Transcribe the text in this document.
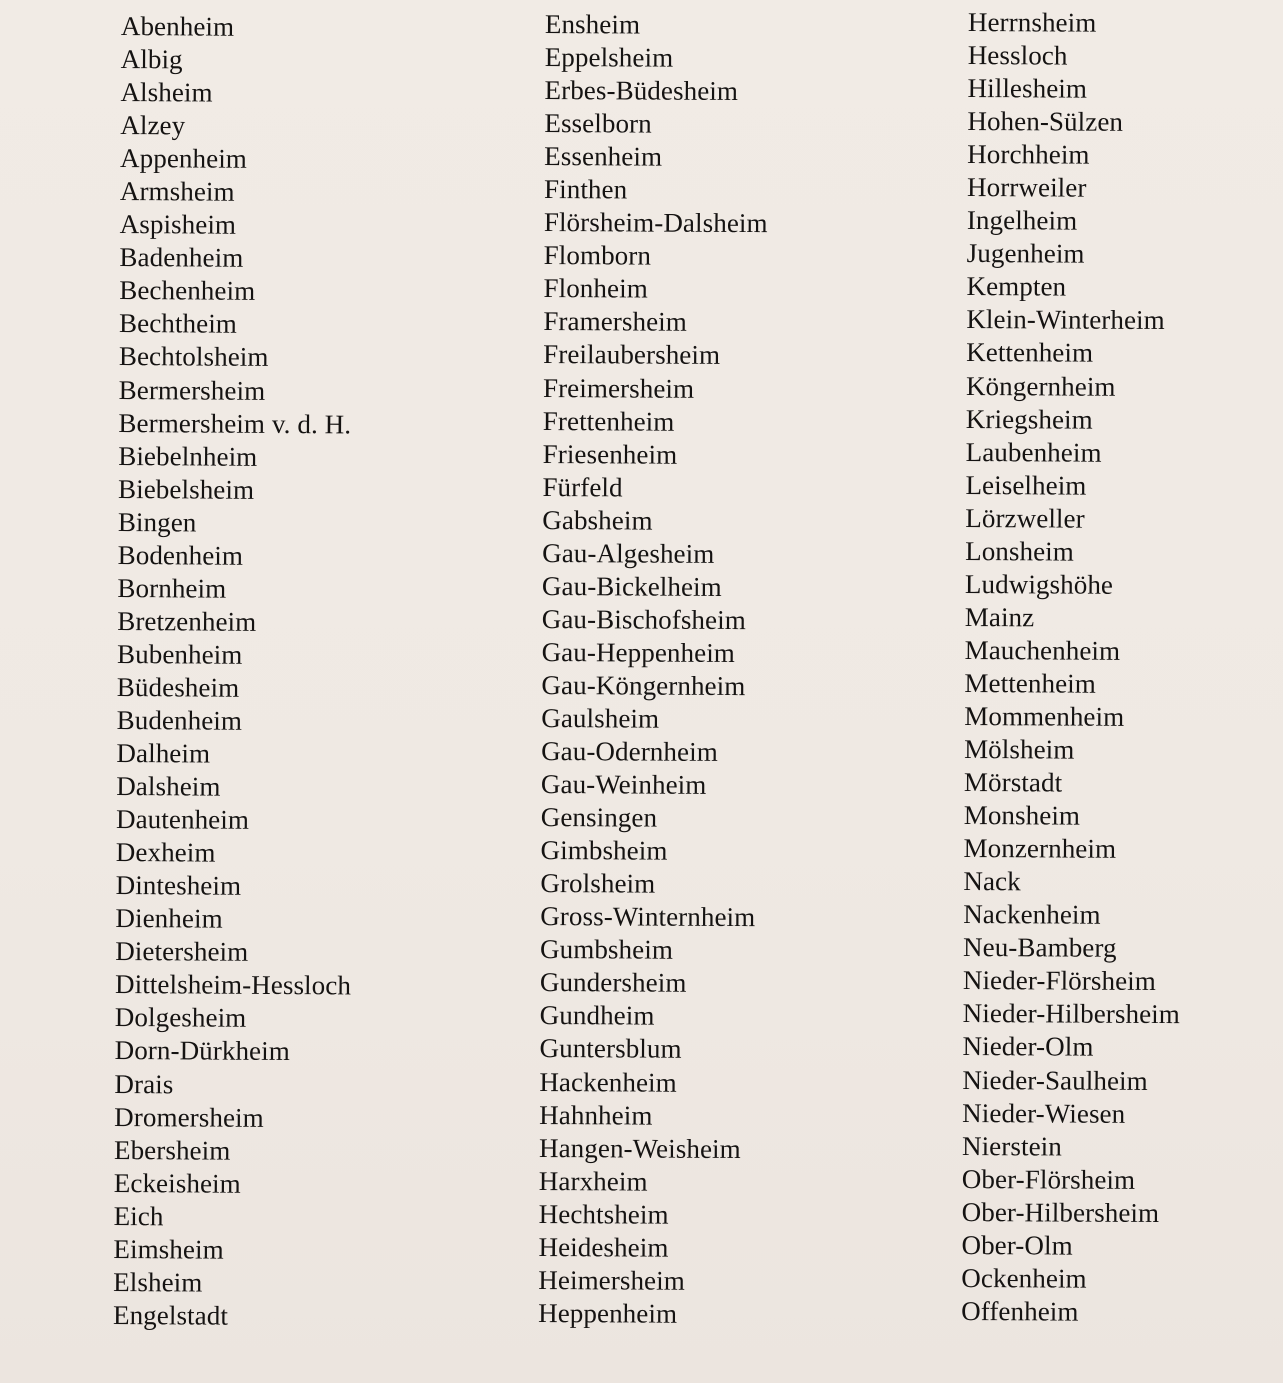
Abenheim
Albig
Alsheim
Alzey
Appenheim
Armsheim
Aspisheim
Badenheim
Bechenheim
Bechtheim
Bechtolsheim
Bermersheim
Bermersheim v. d. H.
Biebelnheim
Biebelsheim
Bingen
Bodenheim
Bornheim
Bretzenheim
Bubenheim
Büdesheim
Budenheim
Dalheim
Dalsheim
Dautenheim
Dexheim
Dintesheim
Dienheim
Dietersheim
Dittelsheim-Hessloch
Dolgesheim
Dorn-Dürkheim
Drais
Dromersheim
Ebersheim
Eckeisheim
Eich
Eimsheim
Elsheim
Engelstadt
Ensheim
Eppelsheim
Erbes-Büdesheim
Esselborn
Essenheim
Finthen
Flörsheim-Dalsheim
Flomborn
Flonheim
Framersheim
Freilaubersheim
Freimersheim
Frettenheim
Friesenheim
Fürfeld
Gabsheim
Gau-Algesheim
Gau-Bickelheim
Gau-Bischofsheim
Gau-Heppenheim
Gau-Köngernheim
Gaulsheim
Gau-Odernheim
Gau-Weinheim
Gensingen
Gimbsheim
Grolsheim
Gross-Winternheim
Gumbsheim
Gundersheim
Gundheim
Guntersblum
Hackenheim
Hahnheim
Hangen-Weisheim
Harxheim
Hechtsheim
Heidesheim
Heimersheim
Heppenheim
Herrnsheim
Hessloch
Hillesheim
Hohen-Sülzen
Horchheim
Horrweiler
Ingelheim
Jugenheim
Kempten
Klein-Winterheim
Kettenheim
Köngernheim
Kriegsheim
Laubenheim
Leiselheim
Lörzweller
Lonsheim
Ludwigshöhe
Mainz
Mauchenheim
Mettenheim
Mommenheim
Mölsheim
Mörstadt
Monsheim
Monzernheim
Nack
Nackenheim
Neu-Bamberg
Nieder-Flörsheim
Nieder-Hilbersheim
Nieder-Olm
Nieder-Saulheim
Nieder-Wiesen
Nierstein
Ober-Flörsheim
Ober-Hilbersheim
Ober-Olm
Ockenheim
Offenheim
